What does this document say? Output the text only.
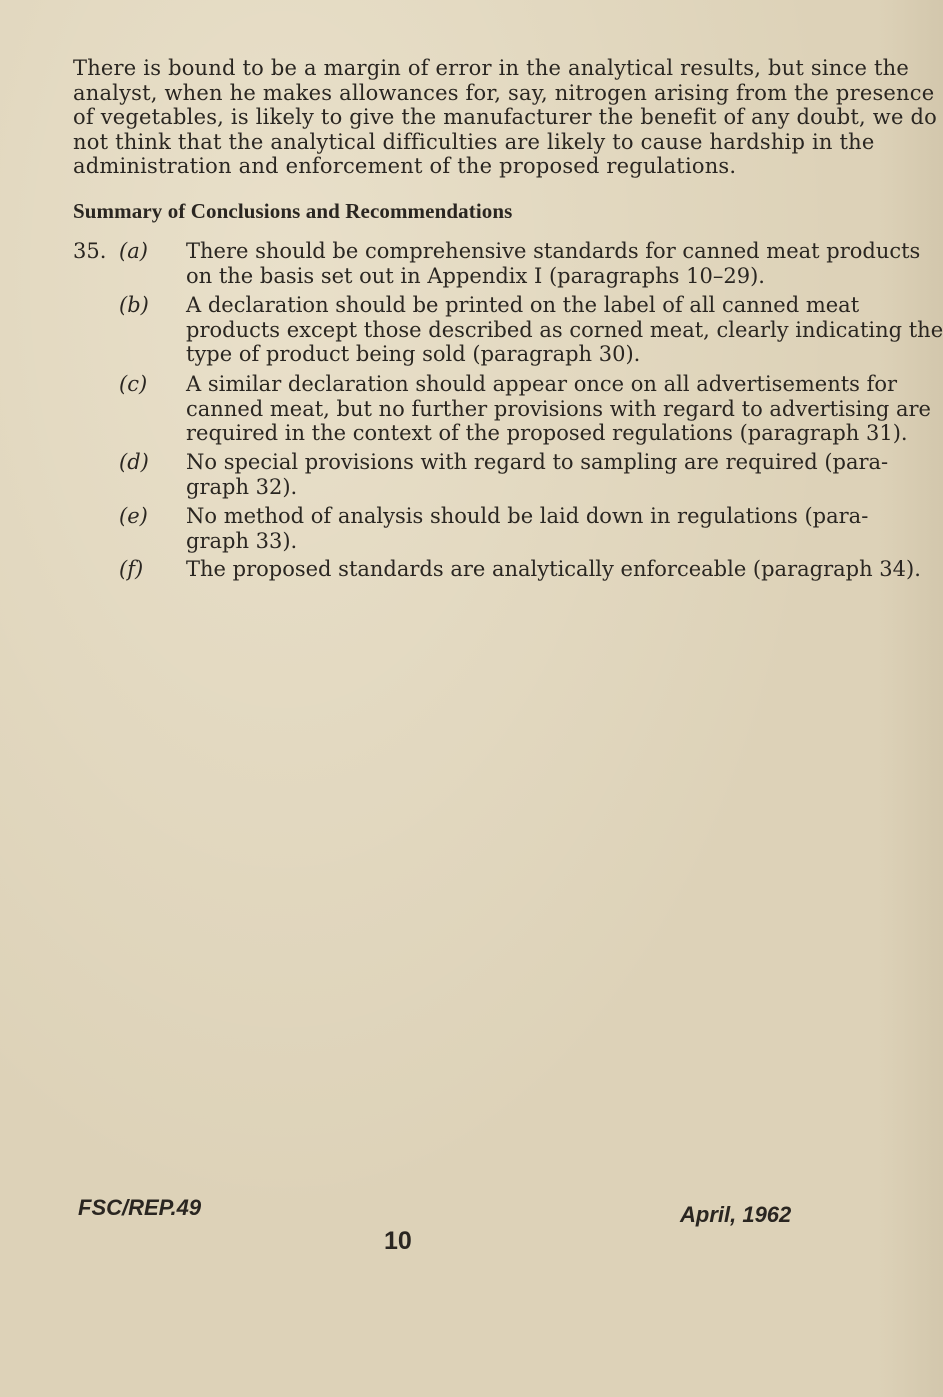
There is bound to be a margin of error in the analytical results, but since the
analyst, when he makes allowances for, say, nitrogen arising from the presence
of vegetables, is likely to give the manufacturer the benefit of any doubt, we do
not think that the analytical difficulties are likely to cause hardship in the
administration and enforcement of the proposed regulations.
Summary of Conclusions and Recommendations
35. (a) There should be comprehensive standards for canned meat products
on the basis set out in Appendix I (paragraphs 10–29).
(b) A declaration should be printed on the label of all canned meat
products except those described as corned meat, clearly indicating the
type of product being sold (paragraph 30).
(c) A similar declaration should appear once on all advertisements for
canned meat, but no further provisions with regard to advertising are
required in the context of the proposed regulations (paragraph 31).
(d) No special provisions with regard to sampling are required (para-
graph 32).
(e) No method of analysis should be laid down in regulations (para-
graph 33).
(f) The proposed standards are analytically enforceable (paragraph 34).
FSC/REP.49	April, 1962
10
